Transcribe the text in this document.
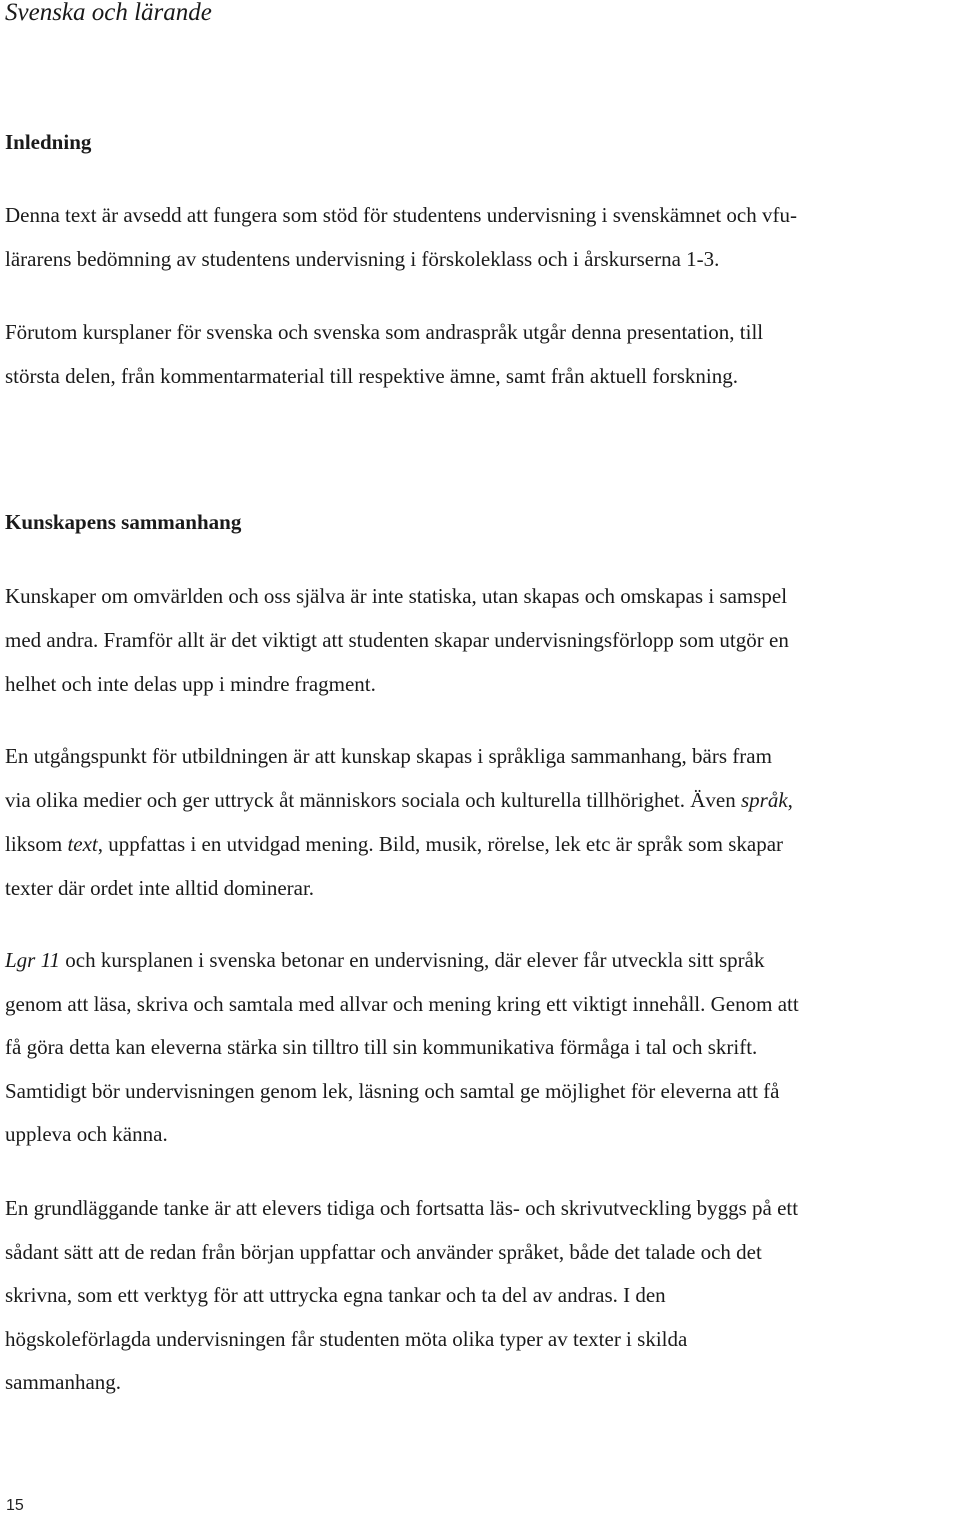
Svenska och lärande
Inledning
Denna text är avsedd att fungera som stöd för studentens undervisning i svenskämnet och vfu-
lärarens bedömning av studentens undervisning i förskoleklass och i årskurserna 1-3.
Förutom kursplaner för svenska och svenska som andraspråk utgår denna presentation, till
största delen, från kommentarmaterial till respektive ämne, samt från aktuell forskning.
Kunskapens sammanhang
Kunskaper om omvärlden och oss själva är inte statiska, utan skapas och omskapas i samspel
med andra. Framför allt är det viktigt att studenten skapar undervisningsförlopp som utgör en
helhet och inte delas upp i mindre fragment.
En utgångspunkt för utbildningen är att kunskap skapas i språkliga sammanhang, bärs fram
via olika medier och ger uttryck åt människors sociala och kulturella tillhörighet. Även språk,
liksom text, uppfattas i en utvidgad mening. Bild, musik, rörelse, lek etc är språk som skapar
texter där ordet inte alltid dominerar.
Lgr 11 och kursplanen i svenska betonar en undervisning, där elever får utveckla sitt språk
genom att läsa, skriva och samtala med allvar och mening kring ett viktigt innehåll. Genom att
få göra detta kan eleverna stärka sin tilltro till sin kommunikativa förmåga i tal och skrift.
Samtidigt bör undervisningen genom lek, läsning och samtal ge möjlighet för eleverna att få
uppleva och känna.
En grundläggande tanke är att elevers tidiga och fortsatta läs- och skrivutveckling byggs på ett
sådant sätt att de redan från början uppfattar och använder språket, både det talade och det
skrivna, som ett verktyg för att uttrycka egna tankar och ta del av andras. I den
högskoleförlagda undervisningen får studenten möta olika typer av texter i skilda
sammanhang.
15
